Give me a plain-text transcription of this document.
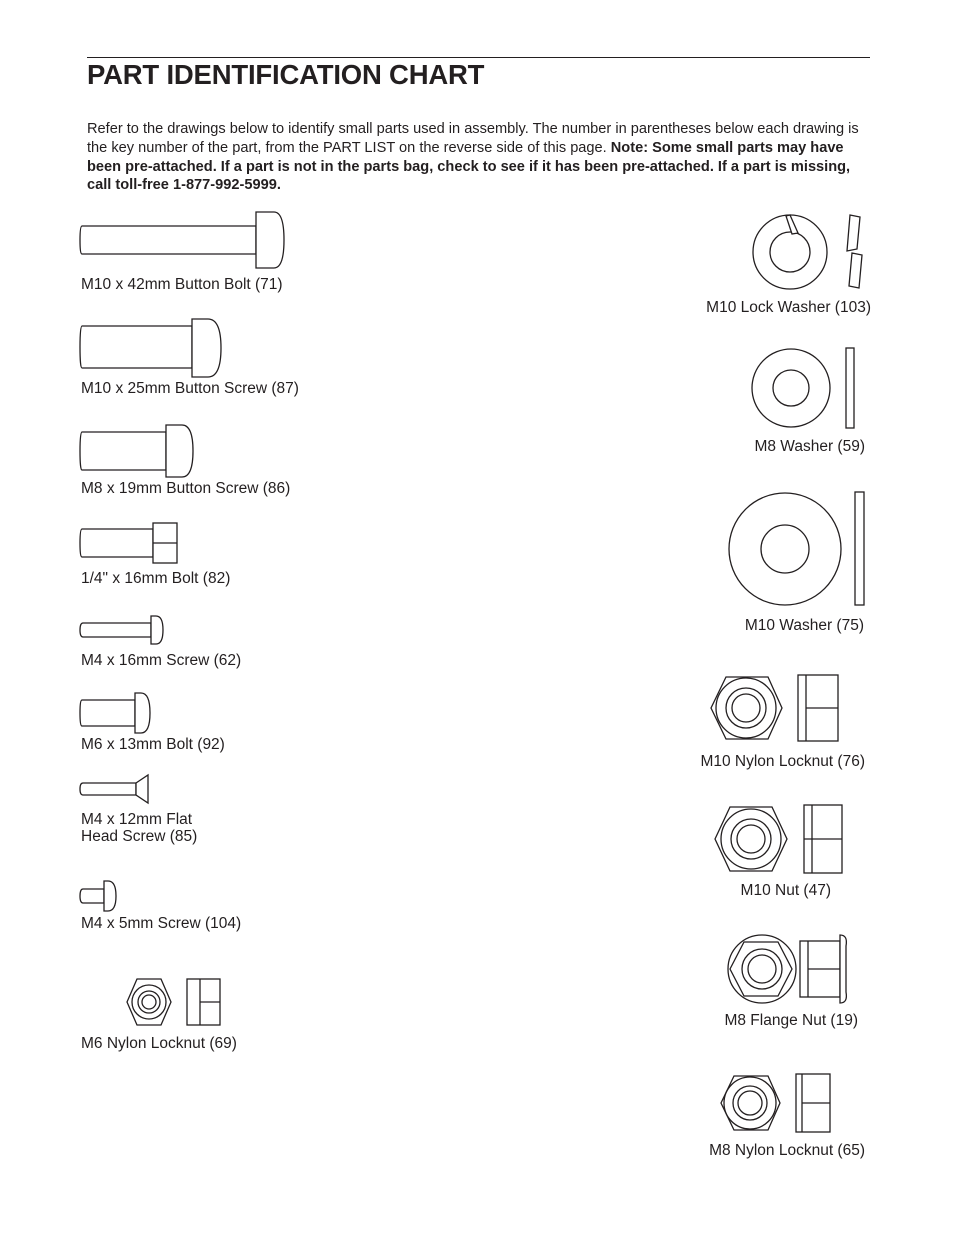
PART IDENTIFICATION CHART
Refer to the drawings below to identify small parts used in assembly. The number in parentheses below each drawing is the key number of the part, from the PART LIST on the reverse side of this page. Note: Some small parts may have been pre-attached. If a part is not in the parts bag, check to see if it has been pre-attached. If a part is missing, call toll-free 1-877-992-5999.
M10 x 42mm Button Bolt (71)
M10 x 25mm Button Screw (87)
M8 x 19mm Button Screw (86)
1/4" x 16mm Bolt (82)
M4 x 16mm Screw (62)
M6 x 13mm Bolt (92)
M4 x 12mm Flat
Head Screw (85)
M4 x 5mm Screw (104)
M6 Nylon Locknut (69)
M10 Lock Washer (103)
M8 Washer (59)
M10 Washer (75)
M10 Nylon Locknut (76)
M10 Nut (47)
M8 Flange Nut (19)
M8 Nylon Locknut (65)
